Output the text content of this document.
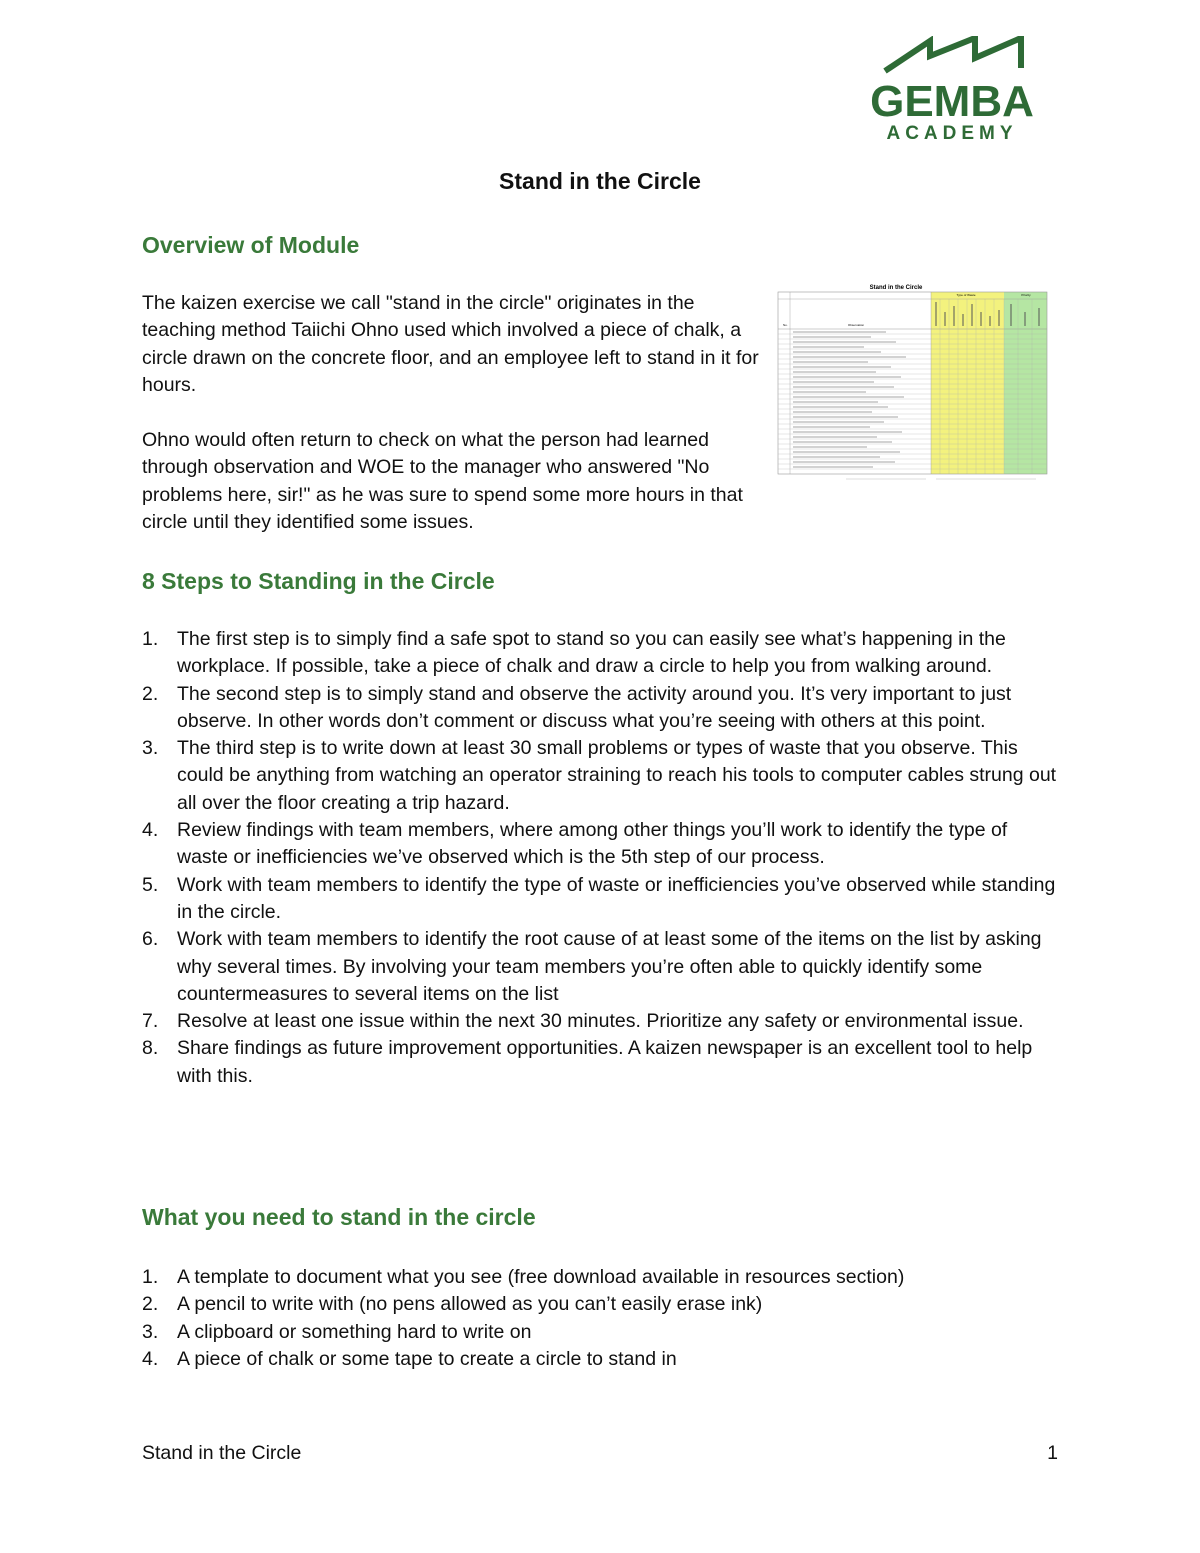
GEMBA
ACADEMY
Stand in the Circle
Overview of Module

The kaizen exercise we call "stand in the circle" originates in the teaching method Taiichi Ohno used which involved a piece of chalk, a circle drawn on the concrete floor, and an employee left to stand in it for hours.

Ohno would often return to check on what the person had learned through observation and WOE to the manager who answered "No problems here, sir!" as he was sure to spend some more hours in that circle until they identified some issues.

Stand in the Circle
Type of Waste	Priority
No.	Observation
8 Steps to Standing in the Circle
1. The first step is to simply find a safe spot to stand so you can easily see what’s happening in the workplace. If possible, take a piece of chalk and draw a circle to help you from walking around.
2. The second step is to simply stand and observe the activity around you. It’s very important to just observe. In other words don’t comment or discuss what you’re seeing with others at this point.
3. The third step is to write down at least 30 small problems or types of waste that you observe. This could be anything from watching an operator straining to reach his tools to computer cables strung out all over the floor creating a trip hazard.
4. Review findings with team members, where among other things you’ll work to identify the type of waste or inefficiencies we’ve observed which is the 5th step of our process.
5. Work with team members to identify the type of waste or inefficiencies you’ve observed while standing in the circle.
6. Work with team members to identify the root cause of at least some of the items on the list by asking why several times. By involving your team members you’re often able to quickly identify some countermeasures to several items on the list
7. Resolve at least one issue within the next 30 minutes. Prioritize any safety or environmental issue.
8. Share findings as future improvement opportunities. A kaizen newspaper is an excellent tool to help with this.
What you need to stand in the circle
1. A template to document what you see (free download available in resources section)
2. A pencil to write with (no pens allowed as you can’t easily erase ink)
3. A clipboard or something hard to write on
4. A piece of chalk or some tape to create a circle to stand in
Stand in the Circle	1
